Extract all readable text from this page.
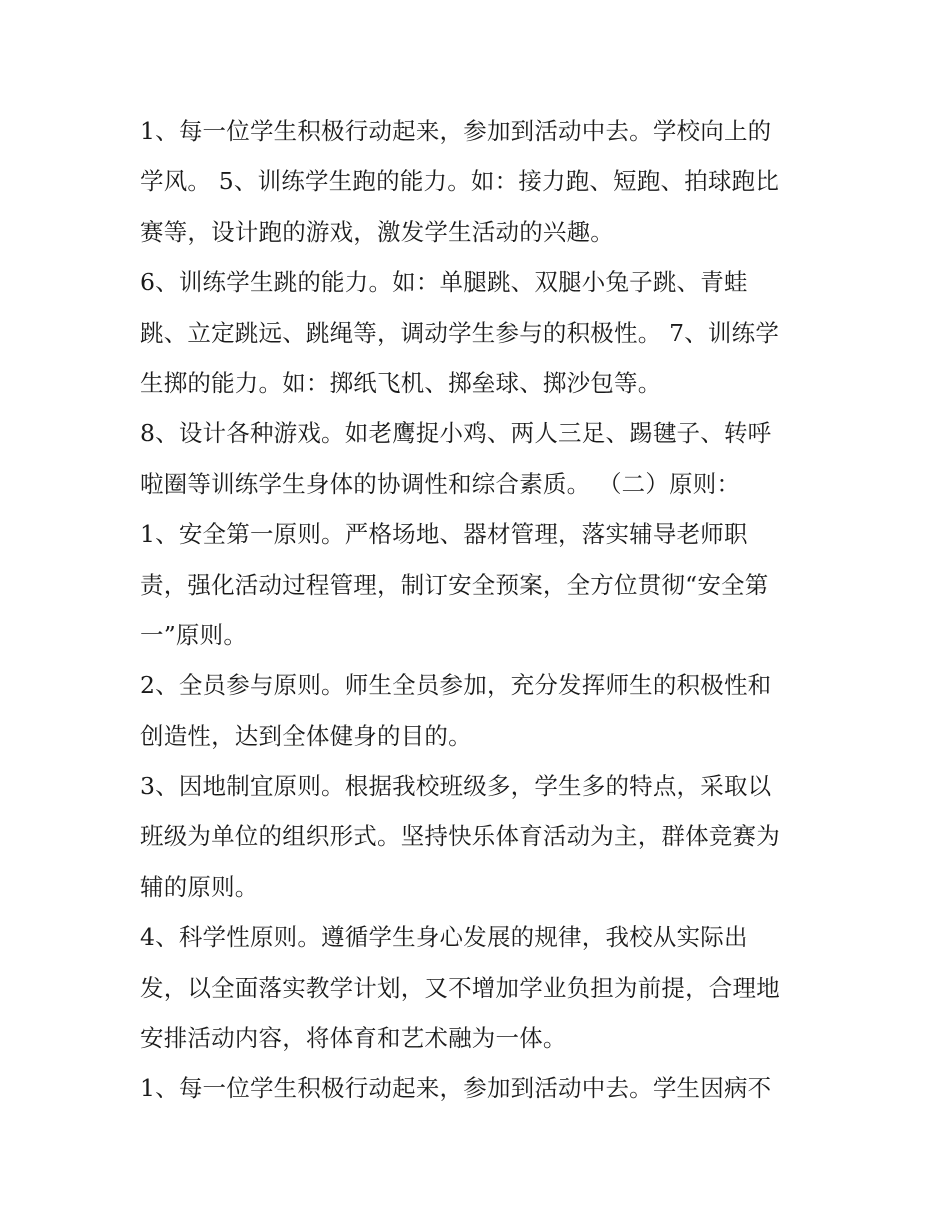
1、每一位学生积极行动起来，参加到活动中去。学校向上的
学风。 5、训练学生跑的能力。如：接力跑、短跑、拍球跑比
赛等，设计跑的游戏，激发学生活动的兴趣。
6、训练学生跳的能力。如：单腿跳、双腿小兔子跳、青蛙
跳、立定跳远、跳绳等，调动学生参与的积极性。 7、训练学
生掷的能力。如：掷纸飞机、掷垒球、掷沙包等。
8、设计各种游戏。如老鹰捉小鸡、两人三足、踢毽子、转呼
啦圈等训练学生身体的协调性和综合素质。 （二）原则：
1、安全第一原则。严格场地、器材管理，落实辅导老师职
责，强化活动过程管理，制订安全预案，全方位贯彻“安全第
一”原则。
2、全员参与原则。师生全员参加，充分发挥师生的积极性和
创造性，达到全体健身的目的。
3、因地制宜原则。根据我校班级多，学生多的特点，采取以
班级为单位的组织形式。坚持快乐体育活动为主，群体竞赛为
辅的原则。
4、科学性原则。遵循学生身心发展的规律，我校从实际出
发，以全面落实教学计划，又不增加学业负担为前提，合理地
安排活动内容，将体育和艺术融为一体。
1、每一位学生积极行动起来，参加到活动中去。学生因病不
